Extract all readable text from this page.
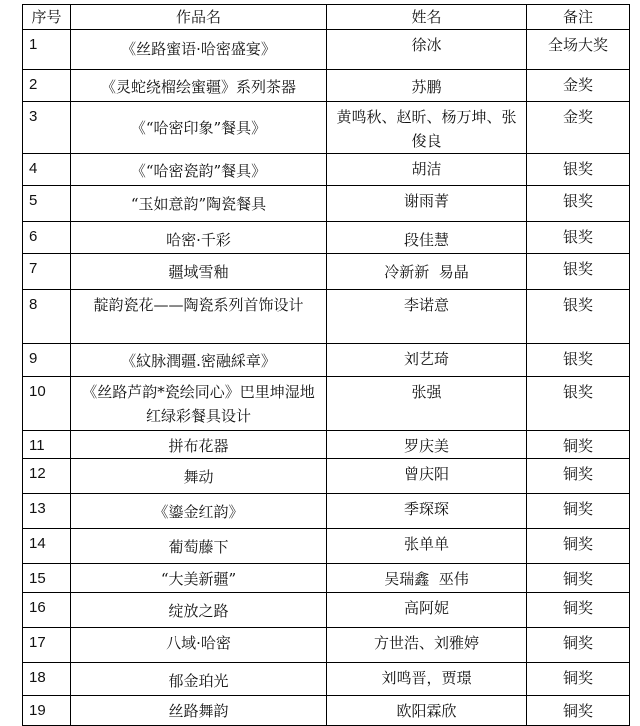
序号	作品名	姓名	备注
1	《丝路蜜语·哈密盛宴》	徐冰	全场大奖
2	《灵蛇绕榴绘蜜疆》系列茶器	苏鹏	金奖
3	《“哈密印象”餐具》	黄鸣秋、赵昕、杨万坤、张俊良	金奖
4	《“哈密瓷韵”餐具》	胡洁	银奖
5	“玉如意韵”陶瓷餐具	谢雨菁	银奖
6	哈密·千彩	段佳慧	银奖
7	疆域雪釉	冷新新  易晶	银奖
8	靛韵瓷花——陶瓷系列首饰设计	李诺意	银奖
9	《紋脉潤疆.密融綵章》	刘艺琦	银奖
10	《丝路芦韵*瓷绘同心》巴里坤湿地红绿彩餐具设计	张强	银奖
11	拼布花器	罗庆美	铜奖
12	舞动	曾庆阳	铜奖
13	《鎏金红韵》	季琛琛	铜奖
14	葡萄藤下	张单单	铜奖
15	“大美新疆”	吴瑞鑫  巫伟	铜奖
16	绽放之路	高阿妮	铜奖
17	八域·哈密	方世浩、刘雅婷	铜奖
18	郁金珀光	刘鸣晋，贾璟	铜奖
19	丝路舞韵	欧阳霖欣	铜奖
